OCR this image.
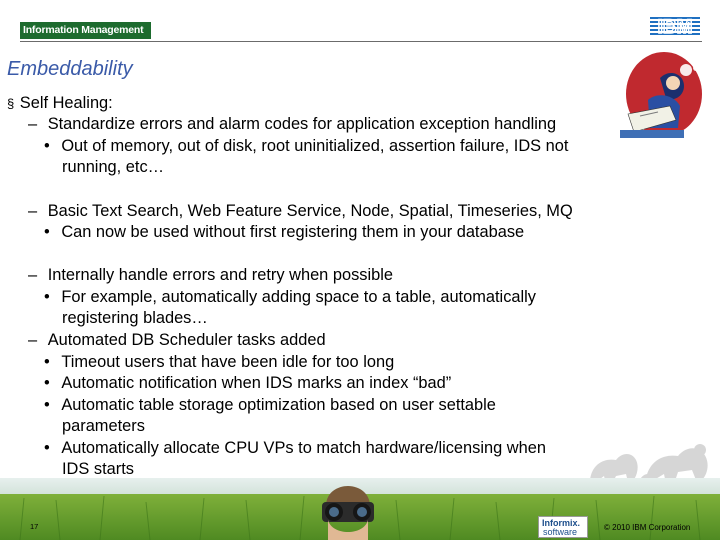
Information Management	IBM
Embeddability
§ Self Healing:
– Standardize errors and alarm codes for application exception handling
• Out of memory, out of disk, root uninitialized, assertion failure, IDS not
running, etc…
– Basic Text Search, Web Feature Service, Node, Spatial, Timeseries, MQ
• Can now be used without first registering them in your database
– Internally handle errors and retry when possible
• For example, automatically adding space to a table, automatically
registering blades…
– Automated DB Scheduler tasks added
• Timeout users that have been idle for too long
• Automatic notification when IDS marks an index “bad”
• Automatic table storage optimization based on user settable
parameters
• Automatically allocate CPU VPs to match hardware/licensing when
IDS starts
17	Informix.
software	© 2010 IBM Corporation
